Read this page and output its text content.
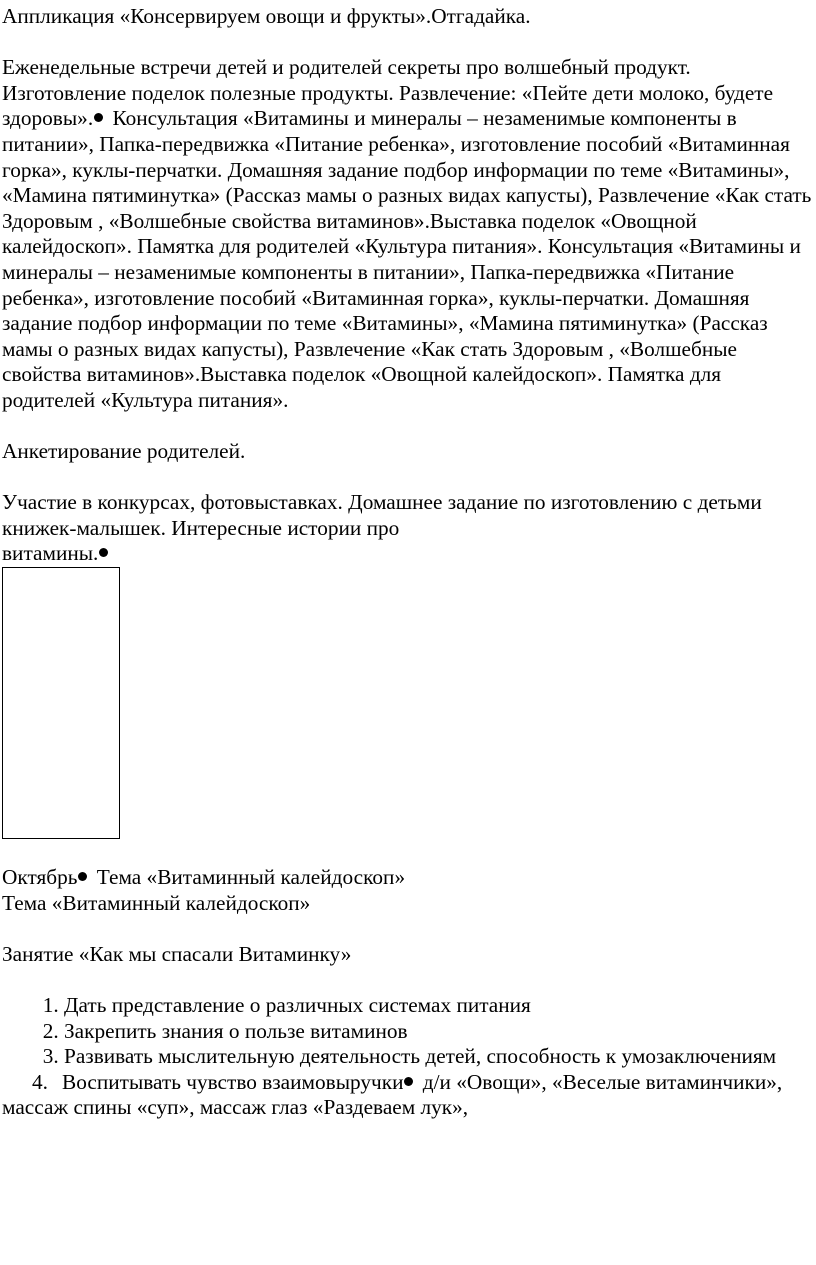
Аппликация «Консервируем овощи и фрукты».Отгадайка.

Еженедельные встречи детей и родителей секреты про волшебный продукт. Изготовление поделок полезные продукты. Развлечение: «Пейте дети молоко, будете здоровы». Консультация «Витамины и минералы – незаменимые компоненты в питании», Папка-передвижка «Питание ребенка», изготовление пособий «Витаминная горка», куклы-перчатки. Домашняя задание подбор информации по теме «Витамины», «Мамина пятиминутка» (Рассказ мамы о разных видах капусты), Развлечение «Как стать Здоровым , «Волшебные свойства витаминов».Выставка поделок «Овощной калейдоскоп». Памятка для родителей «Культура питания». Консультация «Витамины и минералы – незаменимые компоненты в питании», Папка-передвижка «Питание ребенка», изготовление пособий «Витаминная горка», куклы-перчатки. Домашняя задание подбор информации по теме «Витамины», «Мамина пятиминутка» (Рассказ мамы о разных видах капусты), Развлечение «Как стать Здоровым , «Волшебные свойства витаминов».Выставка поделок «Овощной калейдоскоп». Памятка для родителей «Культура питания».

Анкетирование родителей.

Участие в конкурсах, фотовыставках. Домашнее задание по изготовлению с детьми книжек-малышек. Интересные истории про
витамины.

Октябрь Тема «Витаминный калейдоскоп»

Тема «Витаминный калейдоскоп»

Занятие «Как мы спасали Витаминку»

1. Дать представление о различных системах питания
2. Закрепить знания о пользе витаминов
3. Развивать мыслительную деятельность детей, способность к умозаключениям

4. Воспитывать чувство взаимовыручки д/и «Овощи», «Веселые витаминчики», массаж спины «суп», массаж глаз «Раздеваем лук»,
